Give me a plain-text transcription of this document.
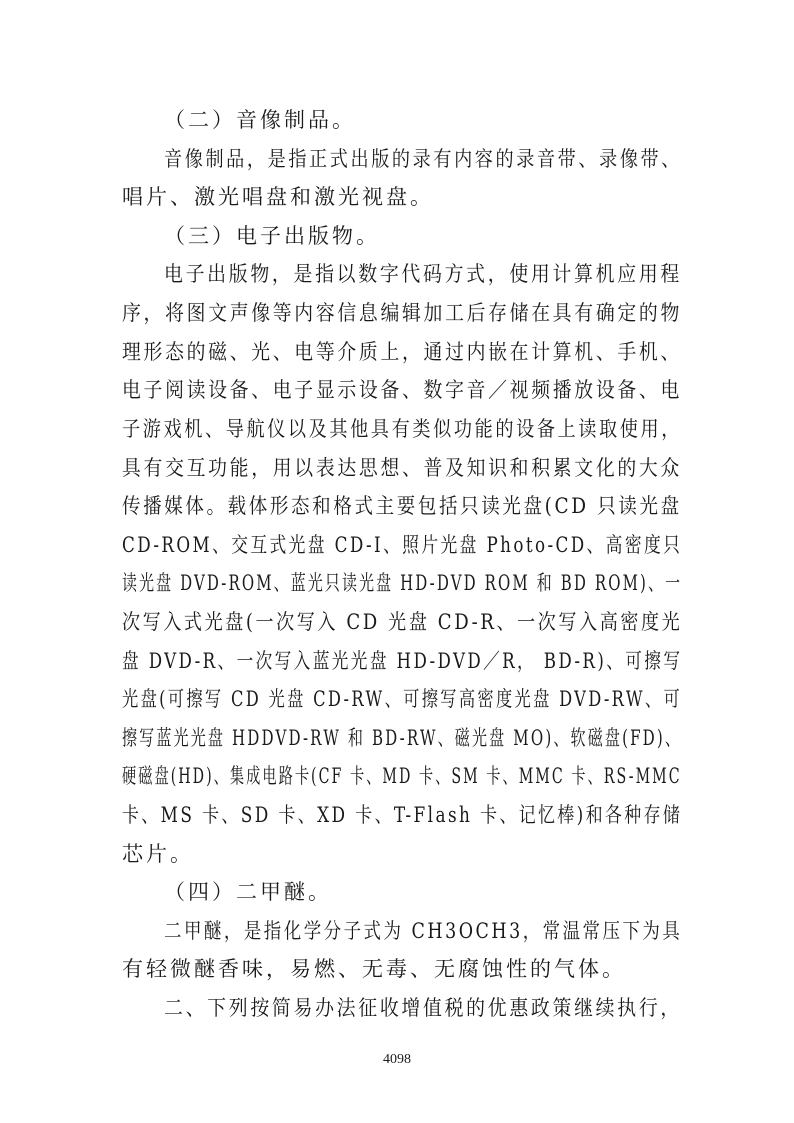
（二）音像制品。
音像制品，是指正式出版的录有内容的录音带、录像带、
唱片、激光唱盘和激光视盘。
（三）电子出版物。
电子出版物，是指以数字代码方式，使用计算机应用程
序，将图文声像等内容信息编辑加工后存储在具有确定的物
理形态的磁、光、电等介质上，通过内嵌在计算机、手机、
电子阅读设备、电子显示设备、数字音／视频播放设备、电
子游戏机、导航仪以及其他具有类似功能的设备上读取使用，
具有交互功能，用以表达思想、普及知识和积累文化的大众
传播媒体。载体形态和格式主要包括只读光盘(CD 只读光盘
CD-ROM、交互式光盘 CD-I、照片光盘 Photo-CD、高密度只
读光盘 DVD-ROM、蓝光只读光盘 HD-DVD ROM 和 BD ROM)、一
次写入式光盘(一次写入 CD 光盘 CD-R、一次写入高密度光
盘 DVD-R、一次写入蓝光光盘 HD-DVD／R， BD-R)、可擦写
光盘(可擦写 CD 光盘 CD-RW、可擦写高密度光盘 DVD-RW、可
擦写蓝光光盘 HDDVD-RW 和 BD-RW、磁光盘 MO)、软磁盘(FD)、
硬磁盘(HD)、集成电路卡(CF 卡、MD 卡、SM 卡、MMC 卡、RS-MMC
卡、MS 卡、SD 卡、XD 卡、T-Flash 卡、记忆棒)和各种存储
芯片。
（四）二甲醚。
二甲醚，是指化学分子式为 CH3OCH3，常温常压下为具
有轻微醚香味，易燃、无毒、无腐蚀性的气体。
二、下列按简易办法征收增值税的优惠政策继续执行，
4098
